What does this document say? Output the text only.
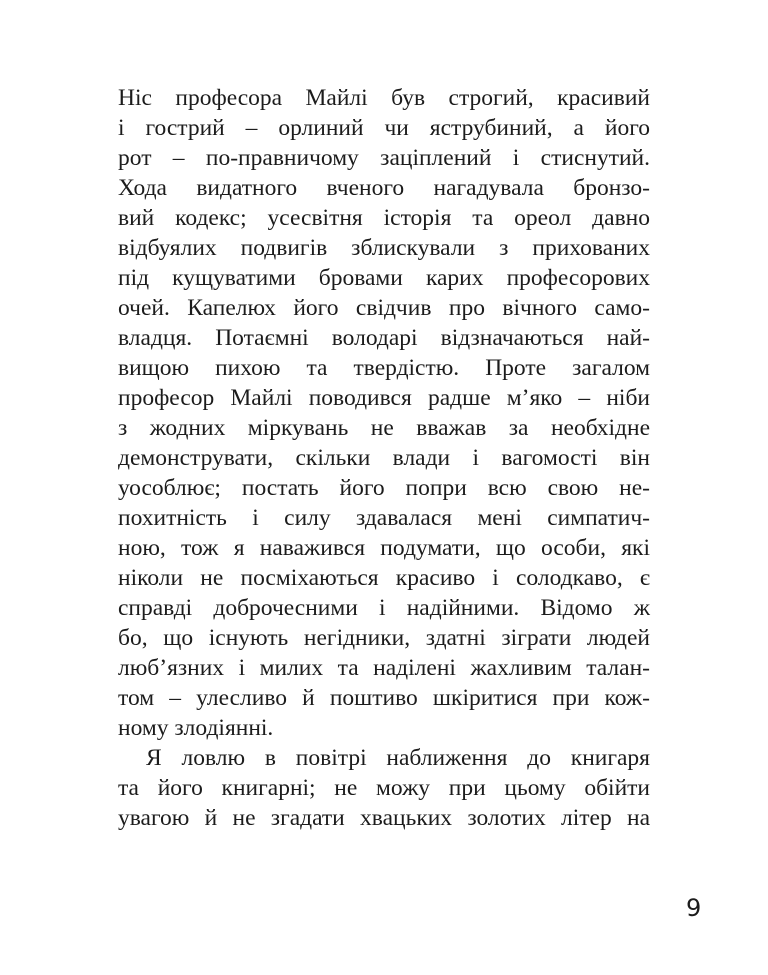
Ніс професора Майлі був строгий, красивий
і гострий – орлиний чи яструбиний, а його
рот – по-правничому заціплений і стиснутий.
Хода видатного вченого нагадувала бронзо-
вий кодекс; усесвітня історія та ореол давно
відбуялих подвигів зблискували з прихованих
під кущуватими бровами карих професорових
очей. Капелюх його свідчив про вічного само-
владця. Потаємні володарі відзначаються най-
вищою пихою та твердістю. Проте загалом
професор Майлі поводився радше м’яко – ніби
з жодних міркувань не вважав за необхідне
демонструвати, скільки влади і вагомості він
уособлює; постать його попри всю свою не-
похитність і силу здавалася мені симпатич-
ною, тож я наважився подумати, що особи, які
ніколи не посміхаються красиво і солодкаво, є
справді доброчесними і надійними. Відомо ж
бо, що існують негідники, здатні зіграти людей
люб’язних і милих та наділені жахливим талан-
том – улесливо й поштиво шкіритися при кож-
ному злодіянні.
Я ловлю в повітрі наближення до книгаря
та його книгарні; не можу при цьому обійти
увагою й не згадати хвацьких золотих літер на
9
